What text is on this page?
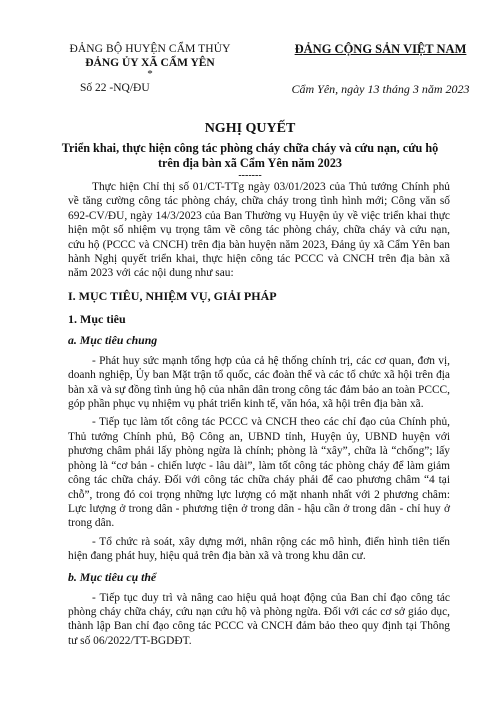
ĐẢNG BỘ HUYỆN CẨM THỦY
ĐẢNG ỦY XÃ CẨM YÊN
*
Số 22 -NQ/ĐU
ĐẢNG CỘNG SẢN VIỆT NAM
Cẩm Yên, ngày 13 tháng 3 năm 2023
NGHỊ QUYẾT
Triển khai, thực hiện công tác phòng cháy chữa cháy và cứu nạn, cứu hộ trên địa bàn xã Cẩm Yên năm 2023
-------

Thực hiện Chỉ thị số 01/CT-TTg ngày 03/01/2023 của Thủ tướng Chính phủ về tăng cường công tác phòng cháy, chữa cháy trong tình hình mới; Công văn số 692-CV/ĐU, ngày 14/3/2023 của Ban Thường vụ Huyện ủy về việc triển khai thực hiện một số nhiệm vụ trọng tâm về công tác phòng cháy, chữa cháy và cứu nạn, cứu hộ (PCCC và CNCH) trên địa bàn huyện năm 2023, Đảng ủy xã Cẩm Yên ban hành Nghị quyết triển khai, thực hiện công tác PCCC và CNCH trên địa bàn xã năm 2023 với các nội dung như sau:

I. MỤC TIÊU, NHIỆM VỤ, GIẢI PHÁP
1. Mục tiêu
a. Mục tiêu chung

- Phát huy sức mạnh tổng hợp của cả hệ thống chính trị, các cơ quan, đơn vị, doanh nghiệp, Ủy ban Mặt trận tổ quốc, các đoàn thể và các tổ chức xã hội trên địa bàn xã và sự đồng tình ủng hộ của nhân dân trong công tác đảm bảo an toàn PCCC, góp phần phục vụ nhiệm vụ phát triển kinh tế, văn hóa, xã hội trên địa bàn xã.

- Tiếp tục làm tốt công tác PCCC và CNCH theo các chỉ đạo của Chính phủ, Thủ tướng Chính phủ, Bộ Công an, UBND tỉnh, Huyện ủy, UBND huyện với phương châm phải lấy phòng ngừa là chính; phòng là “xây”, chữa là “chống”; lấy phòng là “cơ bản - chiến lược - lâu dài”, làm tốt công tác phòng cháy để làm giảm công tác chữa cháy. Đối với công tác chữa cháy phải để cao phương châm “4 tại chỗ”, trong đó coi trọng những lực lượng có mặt nhanh nhất với 2 phương châm: Lực lượng ở trong dân - phương tiện ở trong dân - hậu cần ở trong dân - chỉ huy ở trong dân.

- Tổ chức rà soát, xây dựng mới, nhân rộng các mô hình, điển hình tiên tiến hiện đang phát huy, hiệu quả trên địa bàn xã và trong khu dân cư.

b. Mục tiêu cụ thể

- Tiếp tục duy trì và nâng cao hiệu quả hoạt động của Ban chỉ đạo công tác phòng cháy chữa cháy, cứu nạn cứu hộ và phòng ngừa. Đối với các cơ sở giáo dục, thành lập Ban chỉ đạo công tác PCCC và CNCH đảm bảo theo quy định tại Thông tư số 06/2022/TT-BGDĐT.
